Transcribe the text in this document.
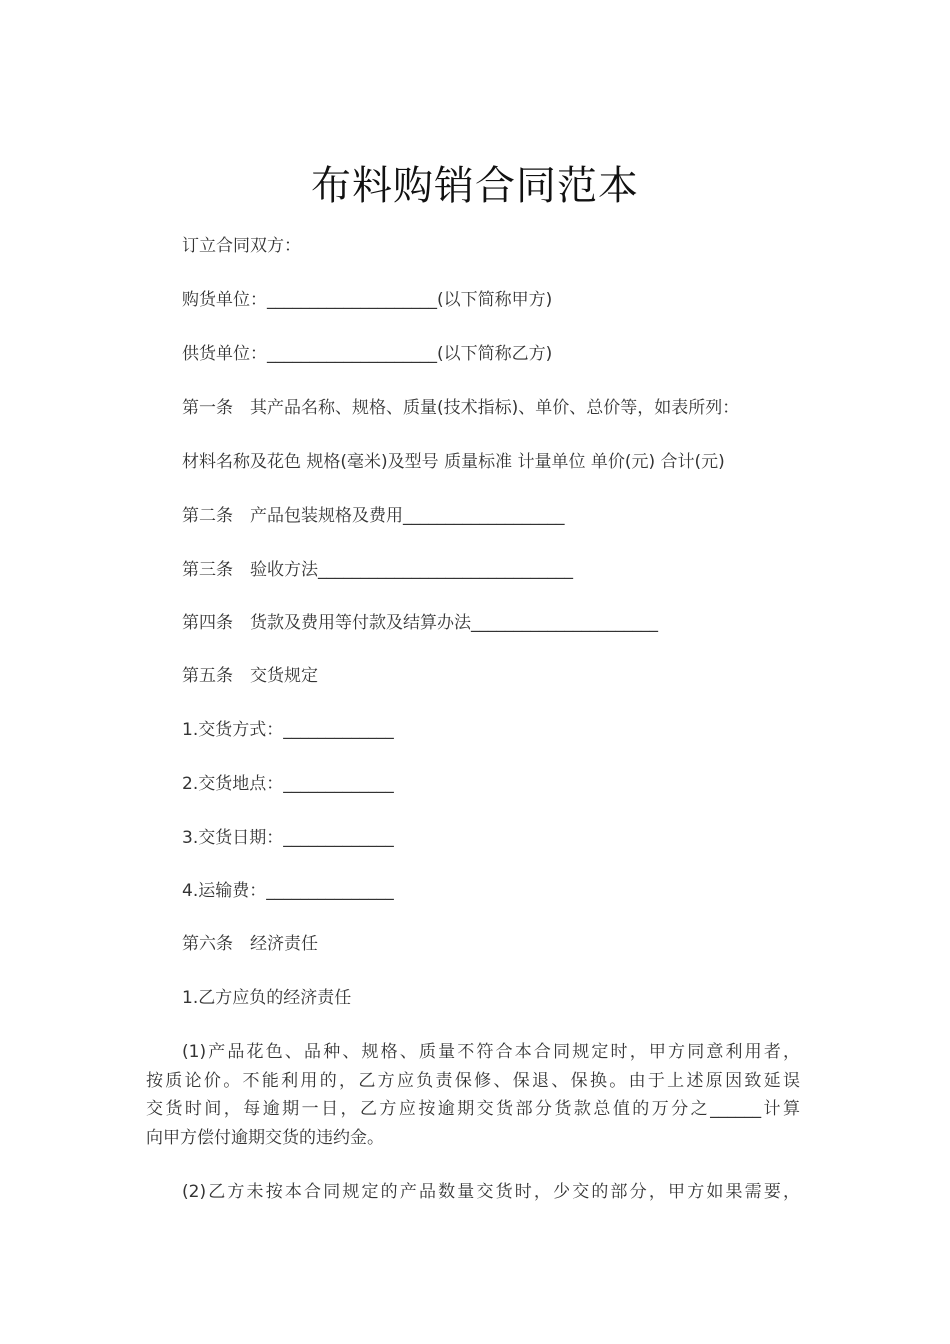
布料购销合同范本
订立合同双方：
购货单位：____________________(以下简称甲方)
供货单位：____________________(以下简称乙方)
第一条　其产品名称、规格、质量(技术指标)、单价、总价等，如表所列：
材料名称及花色 规格(毫米)及型号 质量标准 计量单位 单价(元) 合计(元)
第二条　产品包装规格及费用___________________
第三条　验收方法______________________________
第四条　货款及费用等付款及结算办法______________________
第五条　交货规定
1.交货方式：_____________
2.交货地点：_____________
3.交货日期：_____________
4.运输费：_______________
第六条　经济责任
1.乙方应负的经济责任
(1)产品花色、品种、规格、质量不符合本合同规定时，甲方同意利用者，
按质论价。不能利用的，乙方应负责保修、保退、保换。由于上述原因致延误
交货时间，每逾期一日，乙方应按逾期交货部分货款总值的万分之______计算
向甲方偿付逾期交货的违约金。
(2)乙方未按本合同规定的产品数量交货时，少交的部分，甲方如果需要，
